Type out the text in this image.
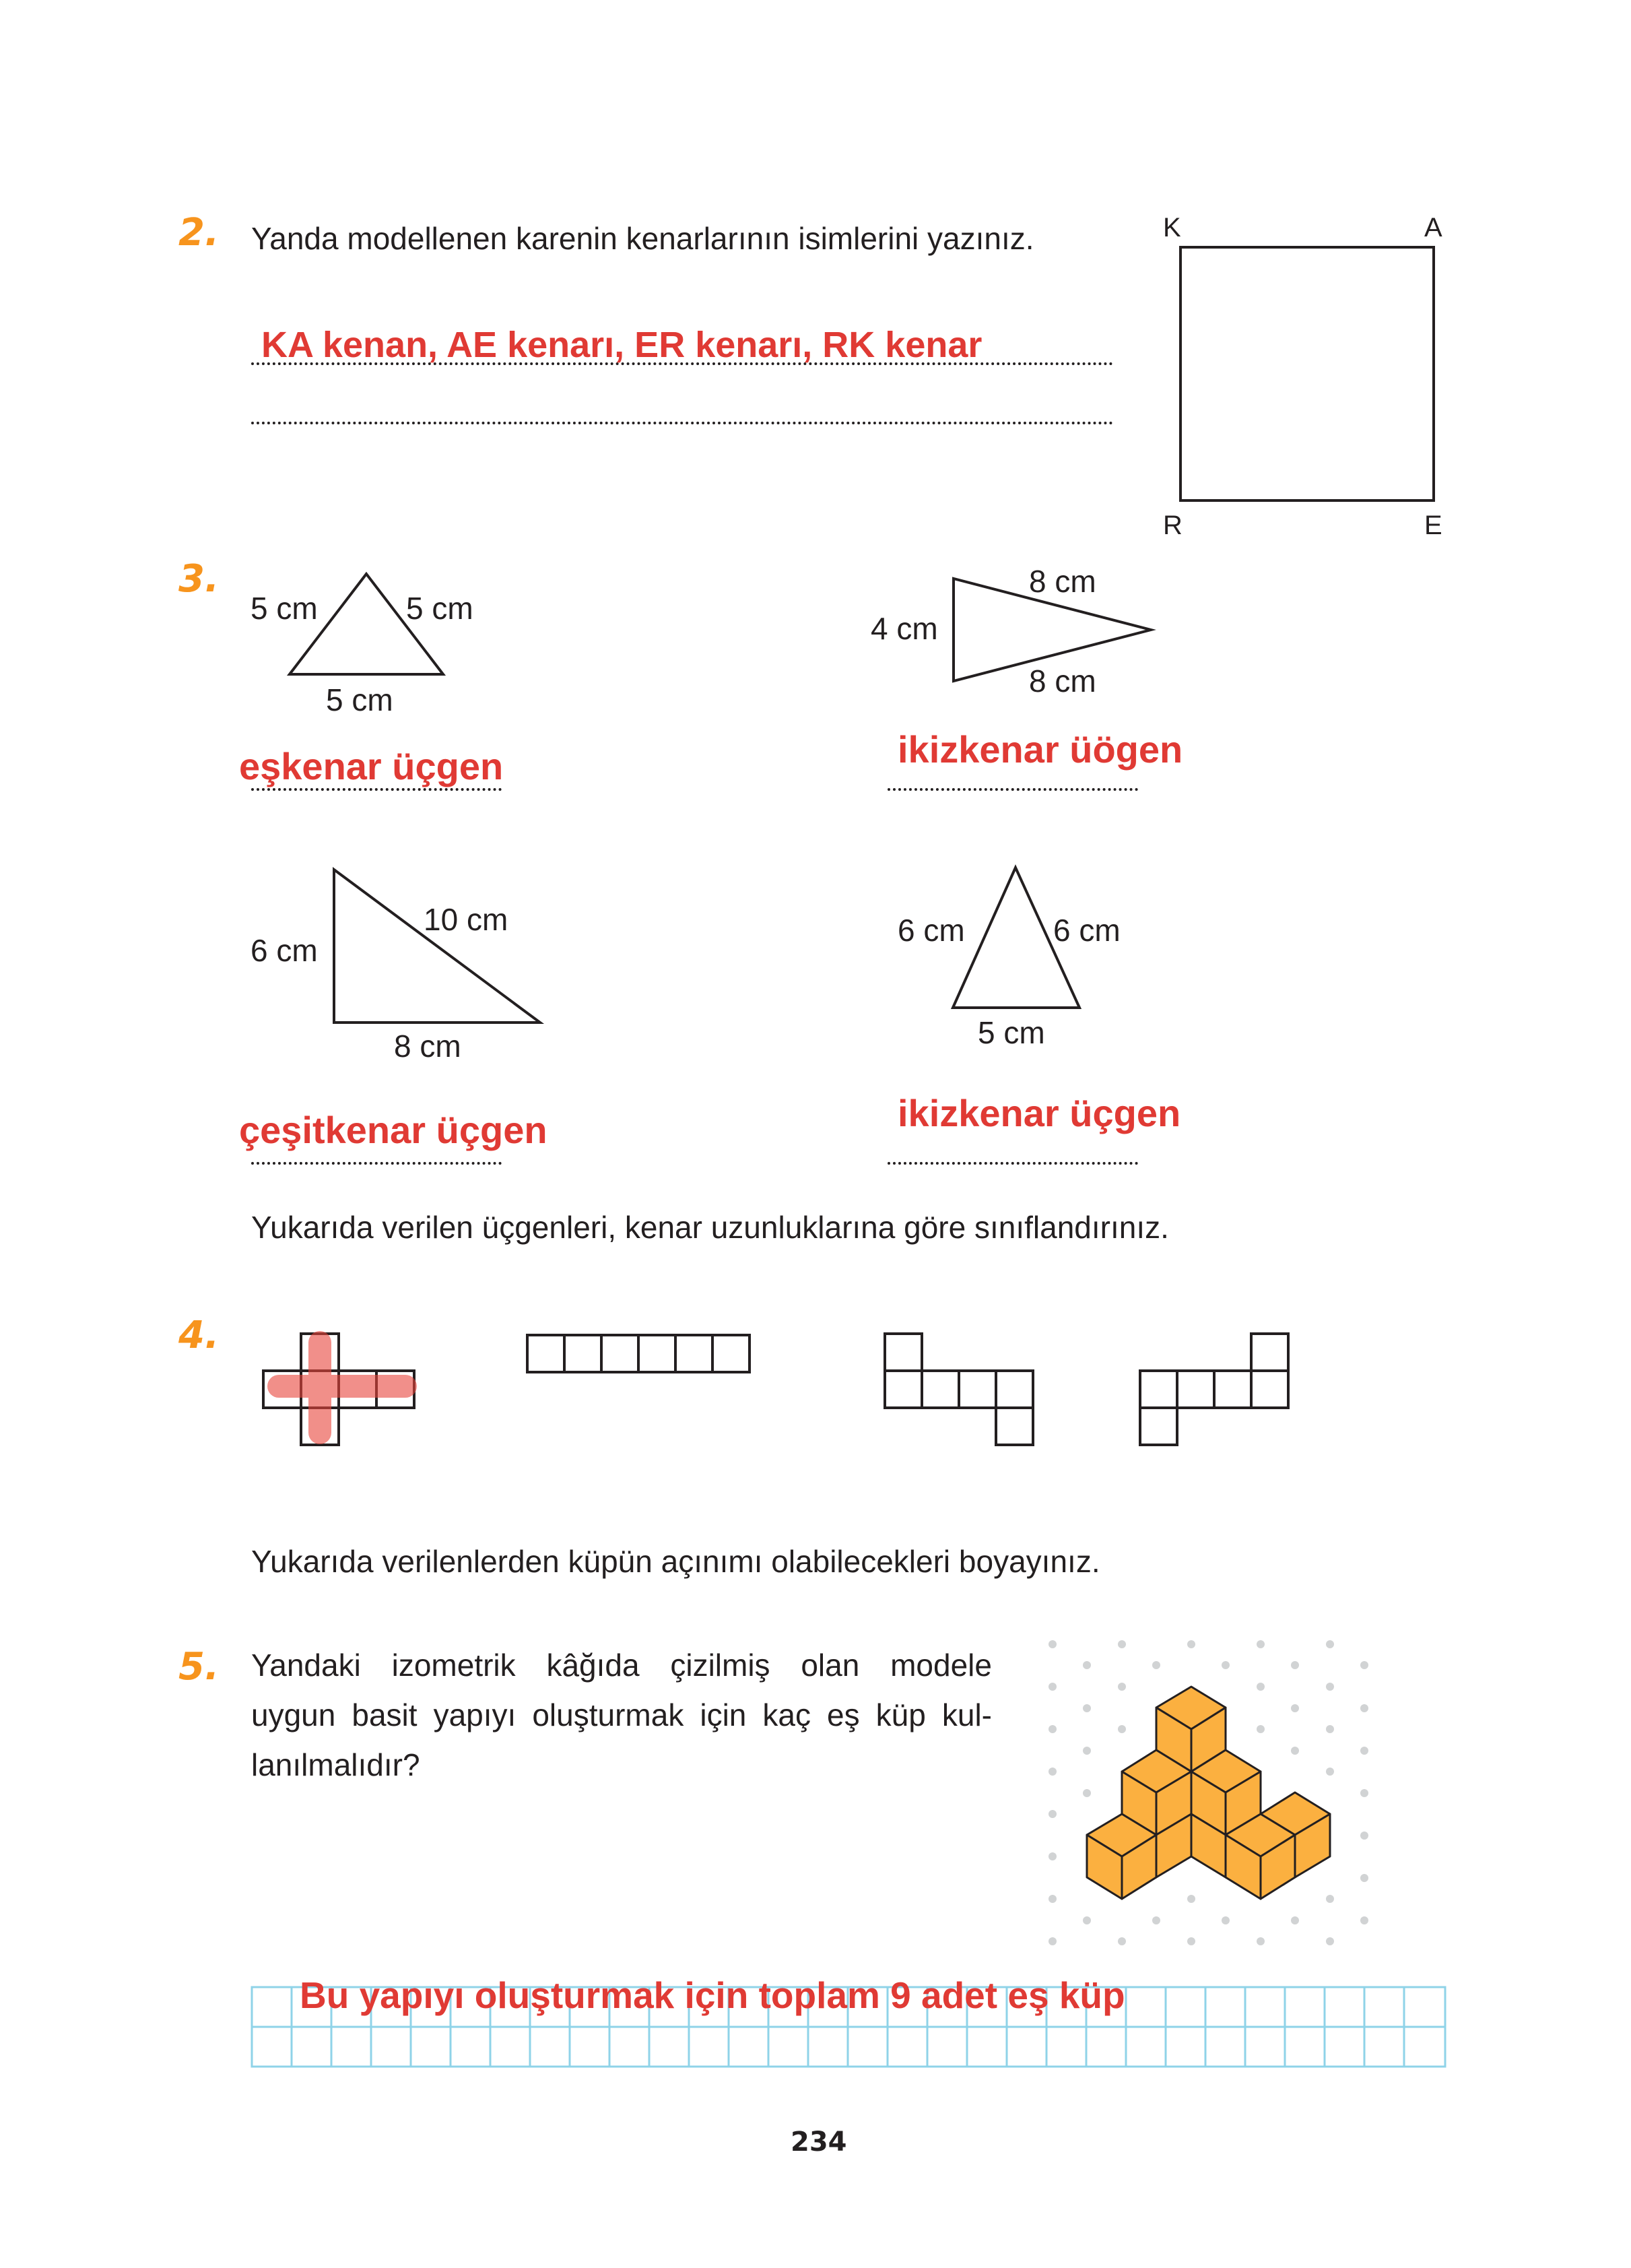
2. Yanda modellenen karenin kenarlarının isimlerini yazınız.
KA kenan, AE kenarı, ER kenarı, RK kenar
K	A
R	E
3.
5 cm	5 cm
5 cm
eşkenar üçgen
8 cm
4 cm
8 cm
ikizkenar üögen
6 cm
10 cm
8 cm
çeşitkenar üçgen
6 cm	6 cm
5 cm
ikizkenar üçgen
Yukarıda verilen üçgenleri, kenar uzunluklarına göre sınıflandırınız.
4.
Yukarıda verilenlerden küpün açınımı olabilecekleri boyayınız.
5. Yandaki izometrik kâğıda çizilmiş olan modele
uygun basit yapıyı oluşturmak için kaç eş küp kul-
lanılmalıdır?
Bu yapıyı oluşturmak için toplam 9 adet eş küp
234
